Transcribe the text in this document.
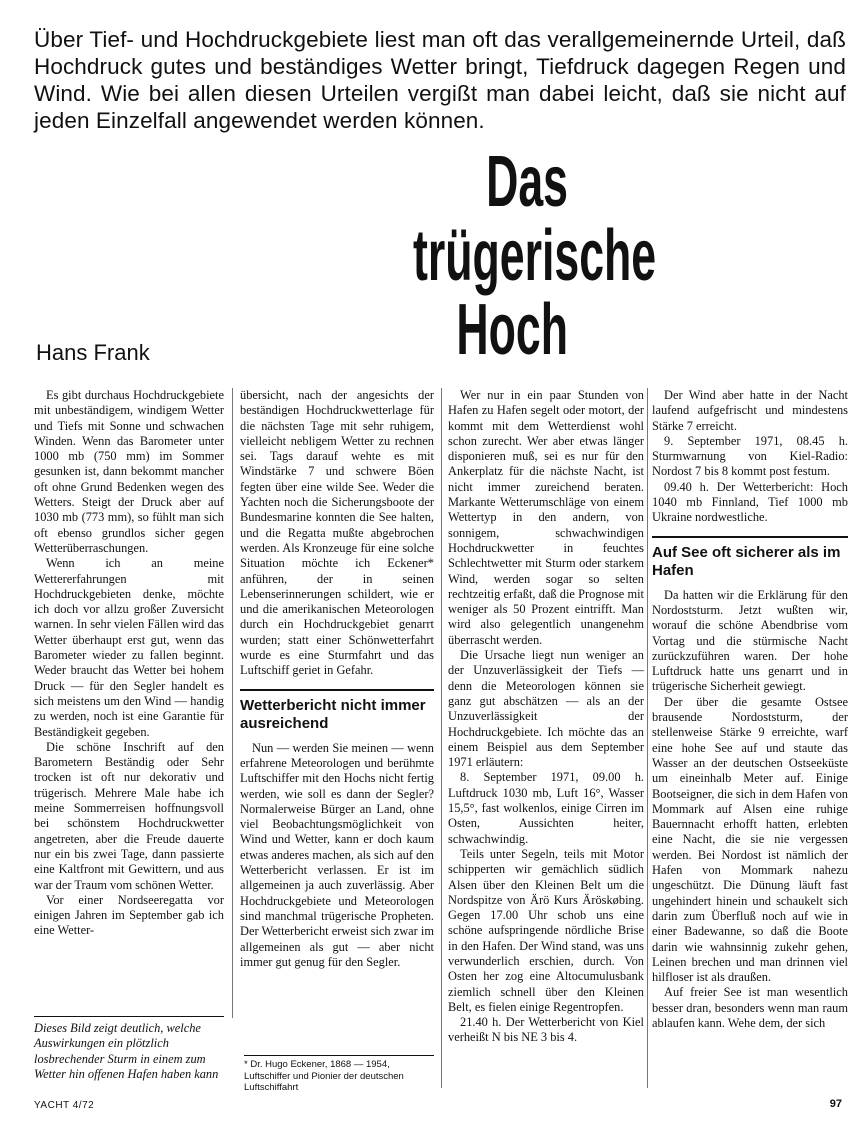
Über Tief- und Hochdruckgebiete liest man oft das verallgemeinernde Urteil, daß Hochdruck gutes und beständiges Wetter bringt, Tiefdruck dagegen Regen und Wind. Wie bei allen diesen Urteilen vergißt man dabei leicht, daß sie nicht auf jeden Einzelfall angewendet werden können.
Das
trügerische
Hoch
Hans Frank

Es gibt durchaus Hochdruckgebiete mit unbeständigem, windigem Wetter und Tiefs mit Sonne und schwachen Winden. Wenn das Barometer unter 1000 mb (750 mm) im Sommer gesunken ist, dann bekommt mancher oft ohne Grund Bedenken wegen des Wetters. Steigt der Druck aber auf 1030 mb (773 mm), so fühlt man sich oft ebenso grundlos sicher gegen Wetterüberraschungen.

Wenn ich an meine Wettererfahrungen mit Hochdruckgebieten denke, möchte ich doch vor allzu großer Zuversicht warnen. In sehr vielen Fällen wird das Wetter überhaupt erst gut, wenn das Barometer wieder zu fallen beginnt. Weder braucht das Wetter bei hohem Druck — für den Segler handelt es sich meistens um den Wind — handig zu werden, noch ist eine Garantie für Beständigkeit gegeben.

Die schöne Inschrift auf den Barometern Beständig oder Sehr trocken ist oft nur dekorativ und trügerisch. Mehrere Male habe ich meine Sommerreisen hoffnungsvoll bei schönstem Hochdruckwetter angetreten, aber die Freude dauerte nur ein bis zwei Tage, dann passierte eine Kaltfront mit Gewittern, und aus war der Traum vom schönen Wetter.

Vor einer Nordseeregatta vor einigen Jahren im September gab ich eine Wetter-

Dieses Bild zeigt deutlich, welche Auswirkungen ein plötzlich losbrechender Sturm in einem zum Wetter hin offenen Hafen haben kann

übersicht, nach der angesichts der beständigen Hochdruckwetterlage für die nächsten Tage mit sehr ruhigem, vielleicht nebligem Wetter zu rechnen sei. Tags darauf wehte es mit Windstärke 7 und schwere Böen fegten über eine wilde See. Weder die Yachten noch die Sicherungsboote der Bundesmarine konnten die See halten, und die Regatta mußte abgebrochen werden. Als Kronzeuge für eine solche Situation möchte ich Eckener* anführen, der in seinen Lebenserinnerungen schildert, wie er und die amerikanischen Meteorologen durch ein Hochdruckgebiet genarrt wurden; statt einer Schönwetterfahrt wurde es eine Sturmfahrt und das Luftschiff geriet in Gefahr.

Wetterbericht nicht immer ausreichend

Nun — werden Sie meinen — wenn erfahrene Meteorologen und berühmte Luftschiffer mit den Hochs nicht fertig werden, wie soll es dann der Segler? Normalerweise Bürger an Land, ohne viel Beobachtungsmöglichkeit von Wind und Wetter, kann er doch kaum etwas anderes machen, als sich auf den Wetterbericht verlassen. Er ist im allgemeinen ja auch zuverlässig. Aber Hochdruckgebiete und Meteorologen sind manchmal trügerische Propheten. Der Wetterbericht erweist sich zwar im allgemeinen als gut — aber nicht immer gut genug für den Segler.

* Dr. Hugo Eckener, 1868 — 1954, Luftschiffer und Pionier der deutschen Luftschiffahrt

Wer nur in ein paar Stunden von Hafen zu Hafen segelt oder motort, der kommt mit dem Wetterdienst wohl schon zurecht. Wer aber etwas länger disponieren muß, sei es nur für den Ankerplatz für die nächste Nacht, ist nicht immer zureichend beraten. Markante Wetterumschläge von einem Wettertyp in den andern, von sonnigem, schwachwindigen Hochdruckwetter in feuchtes Schlechtwetter mit Sturm oder starkem Wind, werden sogar so selten rechtzeitig erfaßt, daß die Prognose mit weniger als 50 Prozent eintrifft. Man wird also gelegentlich unangenehm überrascht werden.

Die Ursache liegt nun weniger an der Unzuverlässigkeit der Tiefs — denn die Meteorologen können sie ganz gut abschätzen — als an der Unzuverlässigkeit der Hochdruckgebiete. Ich möchte das an einem Beispiel aus dem September 1971 erläutern:

8. September 1971, 09.00 h. Luftdruck 1030 mb, Luft 16°, Wasser 15,5°, fast wolkenlos, einige Cirren im Osten, Aussichten heiter, schwachwindig.

Teils unter Segeln, teils mit Motor schipperten wir gemächlich südlich Alsen über den Kleinen Belt um die Nordspitze von Ärö Kurs Äröskøbing. Gegen 17.00 Uhr schob uns eine schöne aufspringende nördliche Brise in den Hafen. Der Wind stand, was uns verwunderlich erschien, durch. Von Osten her zog eine Altocumulusbank ziemlich schnell über den Kleinen Belt, es fielen einige Regentropfen.

21.40 h. Der Wetterbericht von Kiel verheißt N bis NE 3 bis 4.

Der Wind aber hatte in der Nacht laufend aufgefrischt und mindestens Stärke 7 erreicht.

9. September 1971, 08.45 h. Sturmwarnung von Kiel-Radio: Nordost 7 bis 8 kommt post festum.

09.40 h. Der Wetterbericht: Hoch 1040 mb Finnland, Tief 1000 mb Ukraine nordwestliche.

Auf See oft sicherer als im Hafen

Da hatten wir die Erklärung für den Nordoststurm. Jetzt wußten wir, worauf die schöne Abendbrise vom Vortag und die stürmische Nacht zurückzuführen waren. Der hohe Luftdruck hatte uns genarrt und in trügerische Sicherheit gewiegt.

Der über die gesamte Ostsee brausende Nordoststurm, der stellenweise Stärke 9 erreichte, warf eine hohe See auf und staute das Wasser an der deutschen Ostseeküste um eineinhalb Meter auf. Einige Bootseigner, die sich in dem Hafen von Mommark auf Alsen eine ruhige Bauernnacht erhofft hatten, erlebten eine Nacht, die sie nie vergessen werden. Bei Nordost ist nämlich der Hafen von Mommark nahezu ungeschützt. Die Dünung läuft fast ungehindert hinein und schaukelt sich darin zum Überfluß noch auf wie in einer Badewanne, so daß die Boote darin wie wahnsinnig zukehr gehen, Leinen brechen und man drinnen viel hilfloser ist als draußen.

Auf freier See ist man wesentlich besser dran, besonders wenn man raum ablaufen kann. Wehe dem, der sich

YACHT 4/72	97
